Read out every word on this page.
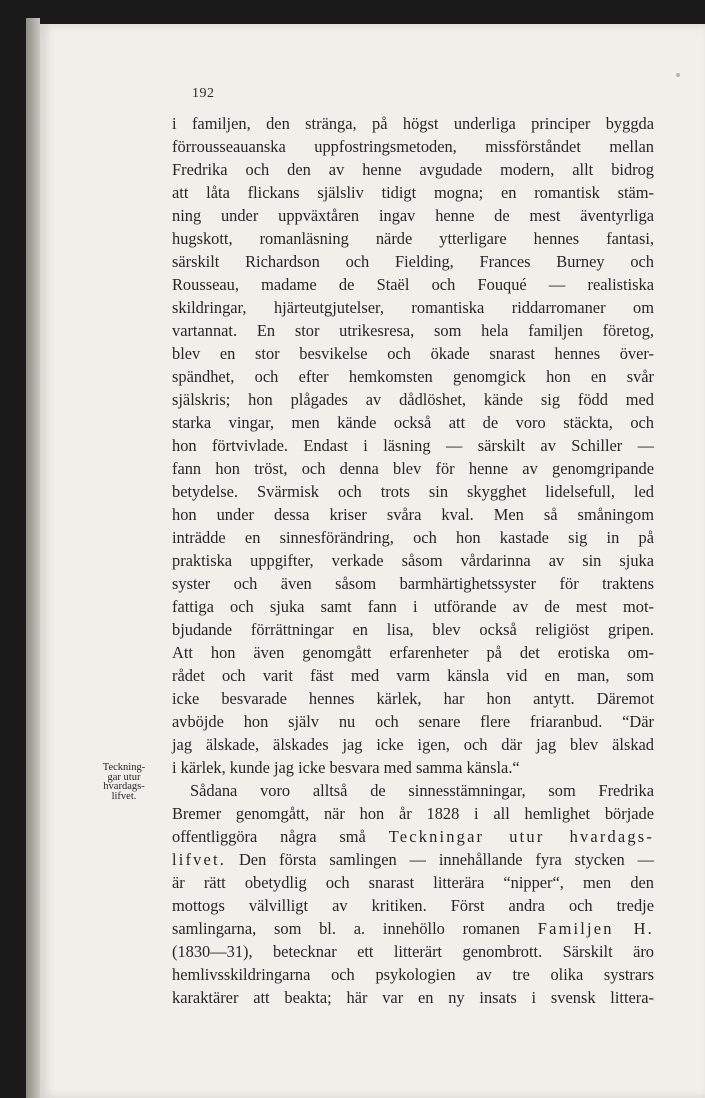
192
Teckning-
gar utur
hvardags-
lifvet.
i familjen, den stränga, på högst underliga principer byggda
förrousseauanska uppfostringsmetoden, missförståndet mellan
Fredrika och den av henne avgudade modern, allt bidrog
att låta flickans själsliv tidigt mogna; en romantisk stäm-
ning under uppväxtåren ingav henne de mest äventyrliga
hugskott, romanläsning närde ytterligare hennes fantasi,
särskilt Richardson och Fielding, Frances Burney och
Rousseau, madame de Staël och Fouqué — realistiska
skildringar, hjärteutgjutelser, romantiska riddarromaner om
vartannat. En stor utrikesresa, som hela familjen företog,
blev en stor besvikelse och ökade snarast hennes över-
spändhet, och efter hemkomsten genomgick hon en svår
själskris; hon plågades av dådlöshet, kände sig född med
starka vingar, men kände också att de voro stäckta, och
hon förtvivlade. Endast i läsning — särskilt av Schiller —
fann hon tröst, och denna blev för henne av genomgripande
betydelse. Svärmisk och trots sin skygghet lidelsefull, led
hon under dessa kriser svåra kval. Men så småningom
inträdde en sinnesförändring, och hon kastade sig in på
praktiska uppgifter, verkade såsom vårdarinna av sin sjuka
syster och även såsom barmhärtighetssyster för traktens
fattiga och sjuka samt fann i utförande av de mest mot-
bjudande förrättningar en lisa, blev också religiöst gripen.
Att hon även genomgått erfarenheter på det erotiska om-
rådet och varit fäst med varm känsla vid en man, som
icke besvarade hennes kärlek, har hon antytt. Däremot
avböjde hon själv nu och senare flere friaranbud. “Där
jag älskade, älskades jag icke igen, och där jag blev älskad
i kärlek, kunde jag icke besvara med samma känsla.“
Sådana voro alltså de sinnesstämningar, som Fredrika
Bremer genomgått, när hon år 1828 i all hemlighet började
offentliggöra några små Teckningar utur hvardags-
lifvet. Den första samlingen — innehållande fyra stycken —
är rätt obetydlig och snarast litterära “nipper“, men den
mottogs välvilligt av kritiken. Först andra och tredje
samlingarna, som bl. a. innehöllo romanen Familjen H.
(1830—31), betecknar ett litterärt genombrott. Särskilt äro
hemlivsskildringarna och psykologien av tre olika systrars
karaktärer att beakta; här var en ny insats i svensk littera-
